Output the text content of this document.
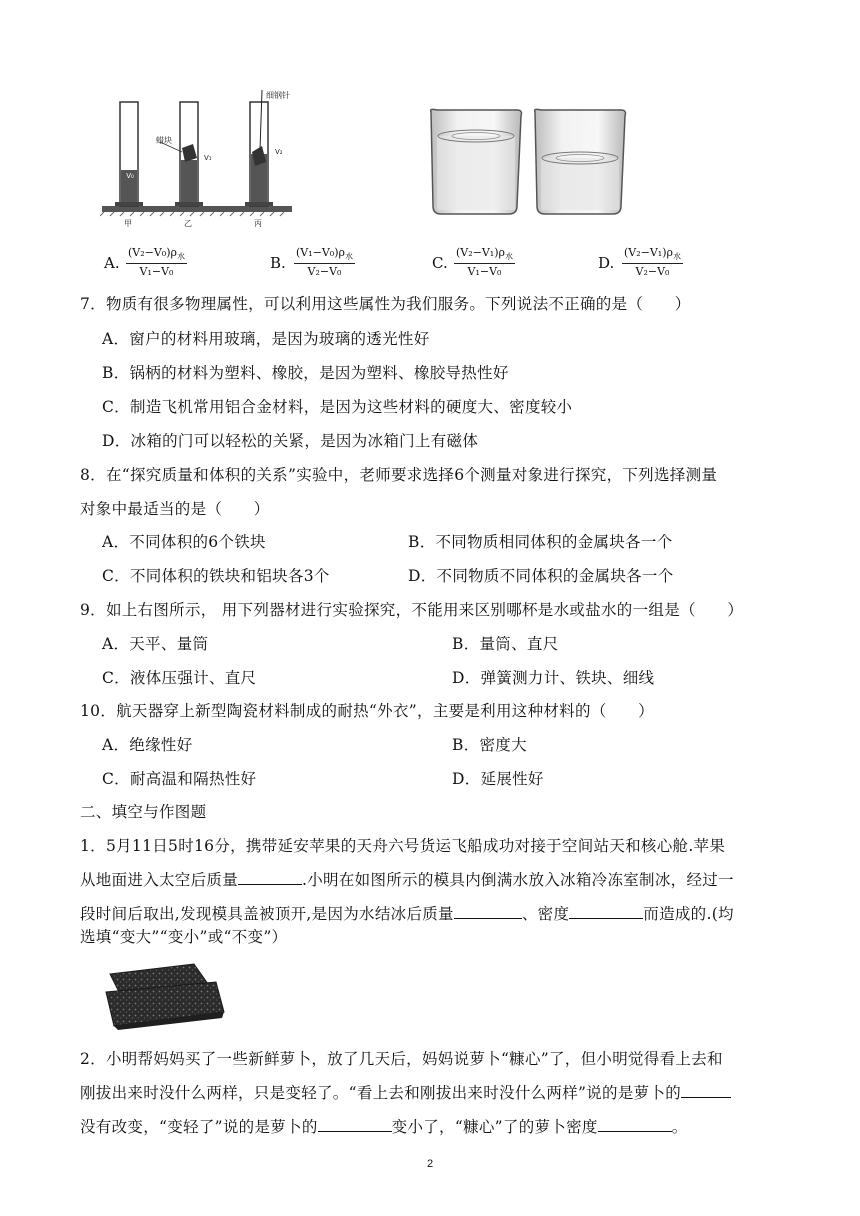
V₀
蜡块
V₁
细钢针
V₂
甲	乙	丙
A.
$(V_2-V_0)\rho_水$
V₁−V₀	B.
$(V_1-V_0)\rho_水$
V₂−V₀	C.
$(V_2-V_1)\rho_水$
V₁−V₀	D.
$(V_2-V_1)\rho_水$
V₂−V₀
7．物质有很多物理属性，可以利用这些属性为我们服务。下列说法不正确的是（　　）
A．窗户的材料用玻璃，是因为玻璃的透光性好
B．锅柄的材料为塑料、橡胶，是因为塑料、橡胶导热性好
C．制造飞机常用铝合金材料，是因为这些材料的硬度大、密度较小
D．冰箱的门可以轻松的关紧，是因为冰箱门上有磁体
8．在“探究质量和体积的关系”实验中，老师要求选择6个测量对象进行探究，下列选择测量
对象中最适当的是（　　）
A．不同体积的6个铁块	B．不同物质相同体积的金属块各一个
C．不同体积的铁块和铝块各3个	D．不同物质不同体积的金属块各一个
9．如上右图所示， 用下列器材进行实验探究，不能用来区别哪杯是水或盐水的一组是（　　）
A．天平、量筒	B．量筒、直尺
C．液体压强计、直尺	D．弹簧测力计、铁块、细线
10．航天器穿上新型陶瓷材料制成的耐热“外衣”，主要是利用这种材料的（　　）
A．绝缘性好	B．密度大
C．耐高温和隔热性好	D．延展性好
二、填空与作图题
1．5月11日5时16分，携带延安苹果的天舟六号货运飞船成功对接于空间站天和核心舱.苹果
从地面进入太空后质量	.小明在如图所示的模具内倒满水放入冰箱冷冻室制冰，经过一
段时间后取出,发现模具盖被顶开,是因为水结冰后质量	、密度	而造成的.(均
选填“变大”“变小”或“不变”）
2．小明帮妈妈买了一些新鲜萝卜，放了几天后，妈妈说萝卜“糠心”了，但小明觉得看上去和
刚拔出来时没什么两样，只是变轻了。“看上去和刚拔出来时没什么两样”说的是萝卜的
没有改变，“变轻了”说的是萝卜的	变小了，“糠心”了的萝卜密度	。
2
